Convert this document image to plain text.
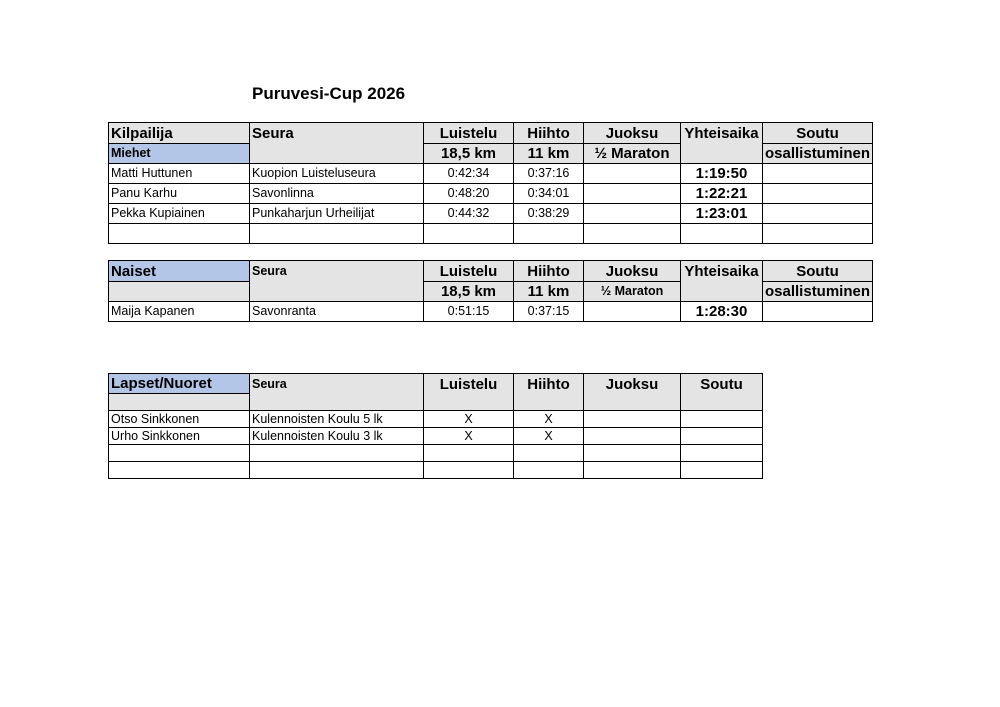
Puruvesi-Cup 2026
Kilpailija	Seura	Luistelu	Hiihto	Juoksu	Yhteisaika	Soutu
Miehet		18,5 km	11 km	½ Maraton		osallistuminen
Matti Huttunen	Kuopion Luisteluseura	0:42:34	0:37:16		1:19:50	
Panu Karhu	Savonlinna	0:48:20	0:34:01		1:22:21	
Pekka Kupiainen	Punkaharjun Urheilijat	0:44:32	0:38:29		1:23:01	

Naiset	Seura	Luistelu	Hiihto	Juoksu	Yhteisaika	Soutu
		18,5 km	11 km	½ Maraton		osallistuminen
Maija Kapanen	Savonranta	0:51:15	0:37:15		1:28:30	
Lapset/Nuoret	Seura	Luistelu	Hiihto	Juoksu	Soutu

Otso Sinkkonen	Kulennoisten Koulu 5 lk	X	X		
Urho Sinkkonen	Kulennoisten Koulu 3 lk	X	X		
